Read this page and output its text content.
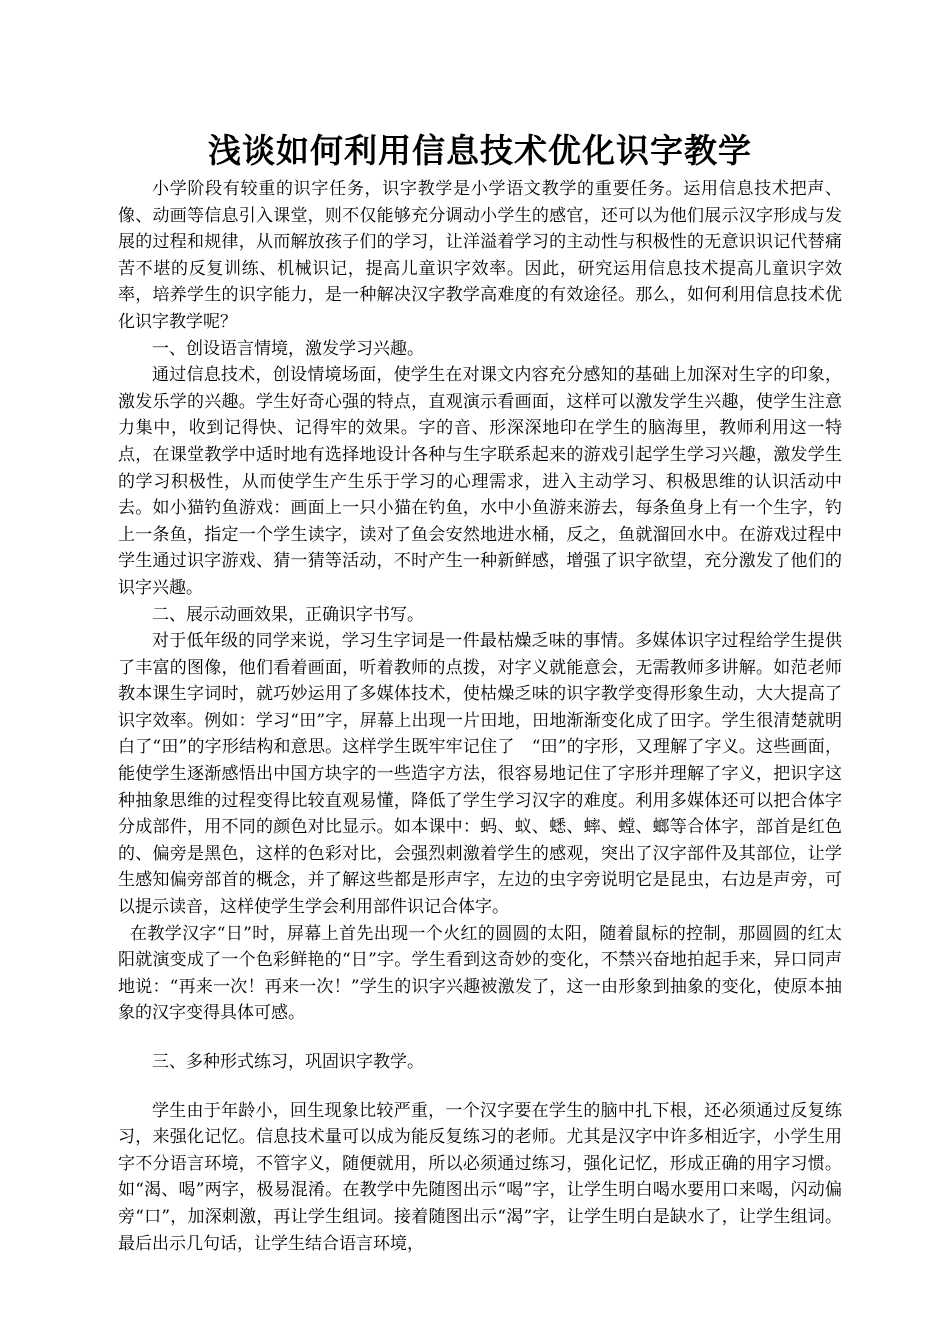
浅谈如何利用信息技术优化识字教学

小学阶段有较重的识字任务，识字教学是小学语文教学的重要任务。运用信息技术把声、像、动画等信息引入课堂，则不仅能够充分调动小学生的感官，还可以为他们展示汉字形成与发展的过程和规律，从而解放孩子们的学习，让洋溢着学习的主动性与积极性的无意识识记代替痛苦不堪的反复训练、机械识记，提高儿童识字效率。因此，研究运用信息技术提高儿童识字效率，培养学生的识字能力，是一种解决汉字教学高难度的有效途径。那么，如何利用信息技术优化识字教学呢？

一、创设语言情境，激发学习兴趣。

通过信息技术，创设情境场面，使学生在对课文内容充分感知的基础上加深对生字的印象，激发乐学的兴趣。学生好奇心强的特点，直观演示看画面，这样可以激发学生兴趣，使学生注意力集中，收到记得快、记得牢的效果。字的音、形深深地印在学生的脑海里，教师利用这一特点，在课堂教学中适时地有选择地设计各种与生字联系起来的游戏引起学生学习兴趣，激发学生的学习积极性，从而使学生产生乐于学习的心理需求，进入主动学习、积极思维的认识活动中去。如小猫钓鱼游戏：画面上一只小猫在钓鱼，水中小鱼游来游去，每条鱼身上有一个生字，钓上一条鱼，指定一个学生读字，读对了鱼会安然地进水桶，反之，鱼就溜回水中。在游戏过程中学生通过识字游戏、猜一猜等活动，不时产生一种新鲜感，增强了识字欲望，充分激发了他们的识字兴趣。

二、展示动画效果，正确识字书写。

对于低年级的同学来说，学习生字词是一件最枯燥乏味的事情。多媒体识字过程给学生提供了丰富的图像，他们看着画面，听着教师的点拨，对字义就能意会，无需教师多讲解。如范老师教本课生字词时，就巧妙运用了多媒体技术，使枯燥乏味的识字教学变得形象生动，大大提高了识字效率。例如：学习“田”字，屏幕上出现一片田地，田地渐渐变化成了田字。学生很清楚就明白了“田”的字形结构和意思。这样学生既牢牢记住了　“田”的字形，又理解了字义。这些画面，能使学生逐渐感悟出中国方块字的一些造字方法，很容易地记住了字形并理解了字义，把识字这种抽象思维的过程变得比较直观易懂，降低了学生学习汉字的难度。利用多媒体还可以把合体字分成部件，用不同的颜色对比显示。如本课中：蚂、蚁、蟋、蟀、螳、螂等合体字，部首是红色的、偏旁是黑色，这样的色彩对比，会强烈刺激着学生的感观，突出了汉字部件及其部位，让学生感知偏旁部首的概念，并了解这些都是形声字，左边的虫字旁说明它是昆虫，右边是声旁，可以提示读音，这样使学生学会利用部件识记合体字。

在教学汉字“日”时，屏幕上首先出现一个火红的圆圆的太阳，随着鼠标的控制，那圆圆的红太阳就演变成了一个色彩鲜艳的“日”字。学生看到这奇妙的变化，不禁兴奋地拍起手来，异口同声地说：“再来一次！再来一次！”学生的识字兴趣被激发了，这一由形象到抽象的变化，使原本抽象的汉字变得具体可感。

三、多种形式练习，巩固识字教学。

学生由于年龄小，回生现象比较严重，一个汉字要在学生的脑中扎下根，还必须通过反复练习，来强化记忆。信息技术量可以成为能反复练习的老师。尤其是汉字中许多相近字，小学生用字不分语言环境，不管字义，随便就用，所以必须通过练习，强化记忆，形成正确的用字习惯。如“渴、喝”两字，极易混淆。在教学中先随图出示“喝”字，让学生明白喝水要用口来喝，闪动偏旁“口”，加深刺激，再让学生组词。接着随图出示“渴”字，让学生明白是缺水了，让学生组词。最后出示几句话，让学生结合语言环境，
